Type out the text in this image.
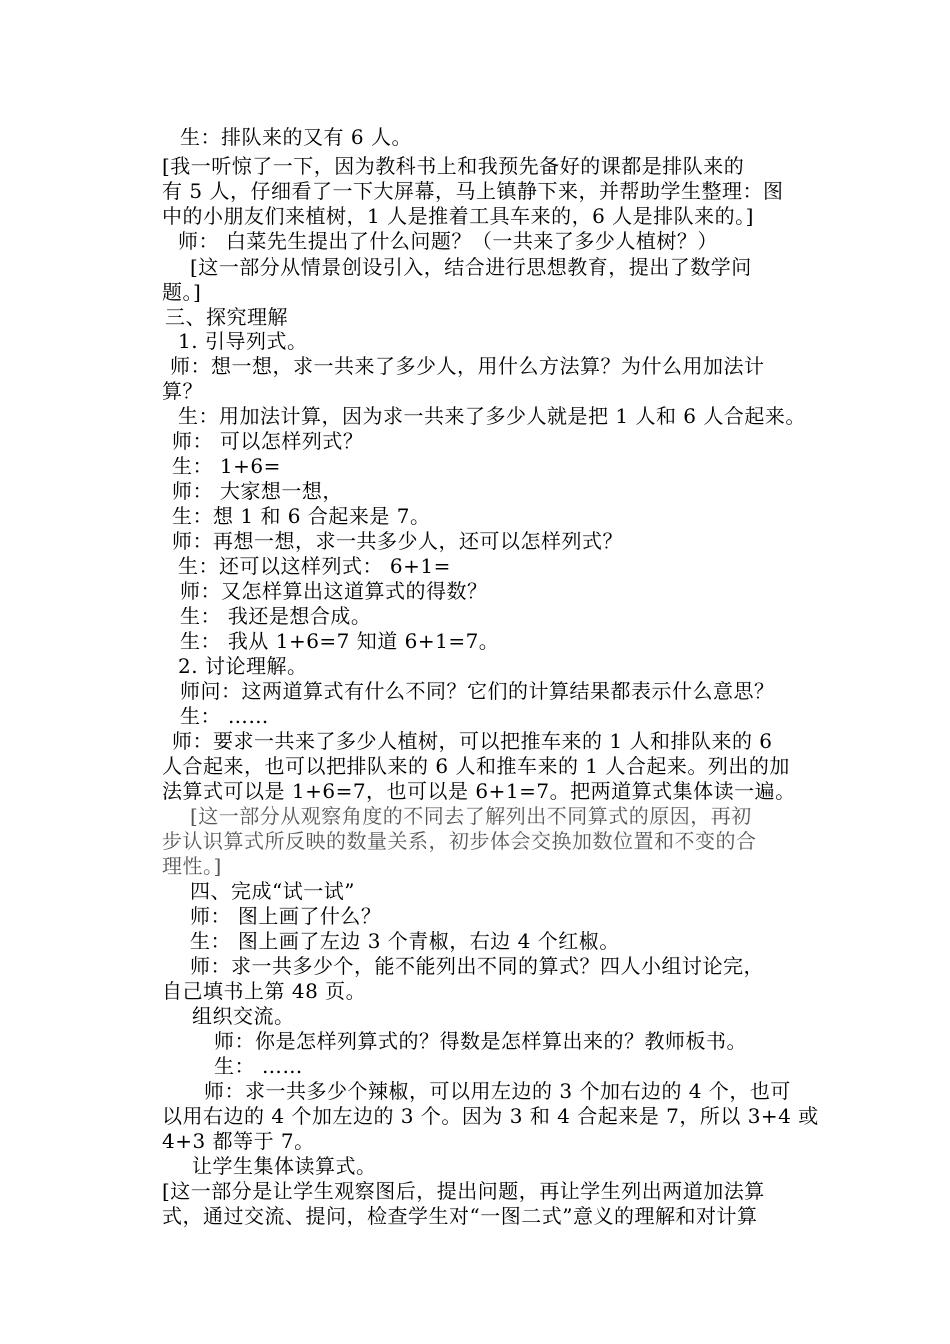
生：排队来的又有 6 人。
[我一听惊了一下，因为教科书上和我预先备好的课都是排队来的
有 5 人，仔细看了一下大屏幕，马上镇静下来，并帮助学生整理：图
中的小朋友们来植树，1 人是推着工具车来的，6 人是排队来的。]
师： 白菜先生提出了什么问题？（一共来了多少人植树？）
[这一部分从情景创设引入，结合进行思想教育，提出了数学问
题。]
三、探究理解
1. 引导列式。
师：想一想，求一共来了多少人，用什么方法算？为什么用加法计
算？
生：用加法计算，因为求一共来了多少人就是把 1 人和 6 人合起来。
师： 可以怎样列式？
生： 1+6=
师： 大家想一想，
生：想 1 和 6 合起来是 7。
师：再想一想，求一共多少人，还可以怎样列式？
生：还可以这样列式： 6+1=
师：又怎样算出这道算式的得数？
生： 我还是想合成。
生： 我从 1+6=7 知道 6+1=7。
2. 讨论理解。
师问：这两道算式有什么不同？它们的计算结果都表示什么意思？
生： ……
师：要求一共来了多少人植树，可以把推车来的 1 人和排队来的 6
人合起来，也可以把排队来的 6 人和推车来的 1 人合起来。列出的加
法算式可以是 1+6=7，也可以是 6+1=7。把两道算式集体读一遍。
[这一部分从观察角度的不同去了解列出不同算式的原因，再初
步认识算式所反映的数量关系，初步体会交换加数位置和不变的合
理性。]
四、完成“试一试”
师： 图上画了什么？
生： 图上画了左边 3 个青椒，右边 4 个红椒。
师：求一共多少个，能不能列出不同的算式？四人小组讨论完，
自己填书上第 48 页。
组织交流。
师：你是怎样列算式的？得数是怎样算出来的？教师板书。
生： ……
师：求一共多少个辣椒，可以用左边的 3 个加右边的 4 个，也可
以用右边的 4 个加左边的 3 个。因为 3 和 4 合起来是 7，所以 3+4 或
4+3 都等于 7。
让学生集体读算式。
[这一部分是让学生观察图后，提出问题，再让学生列出两道加法算
式，通过交流、提问，检查学生对“一图二式”意义的理解和对计算
